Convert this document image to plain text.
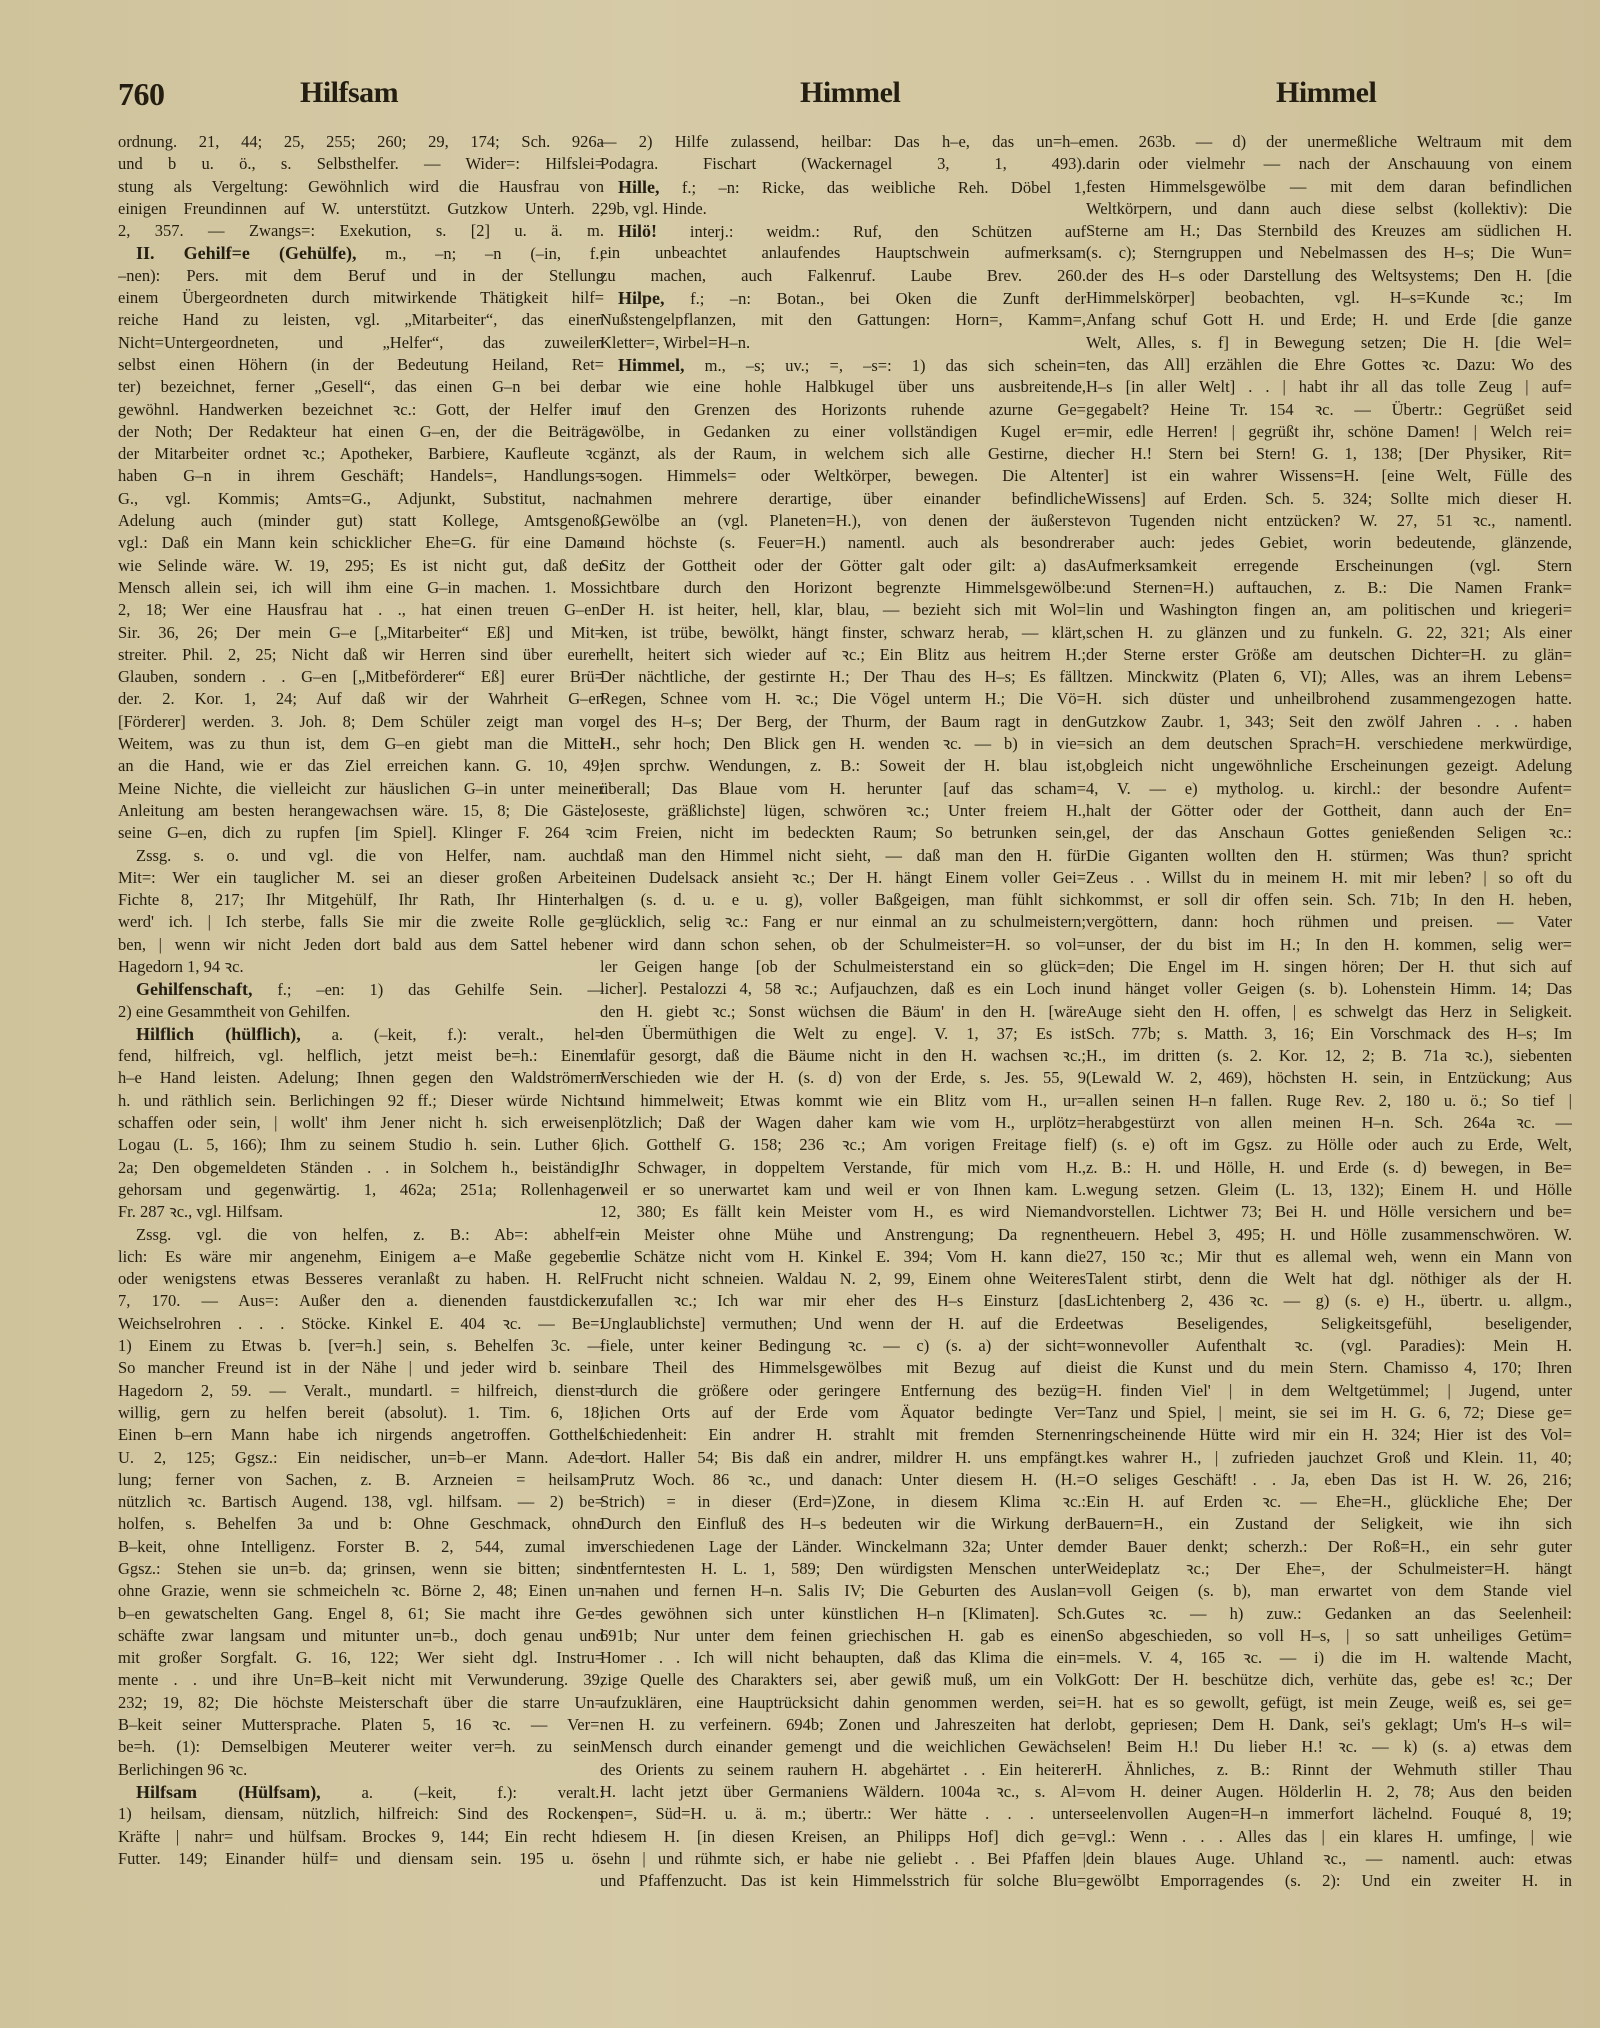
760	Hilfsam	Himmel	Himmel
ordnung. 21, 44; 25, 255; 260; 29, 174; Sch. 926a
und b u. ö., s. Selbsthelfer. — Wider=: Hilfslei=
stung als Vergeltung: Gewöhnlich wird die Hausfrau von
einigen Freundinnen auf W. unterstützt. Gutzkow Unterh. 2,
2, 357. — Zwangs=: Exekution, s. [2] u. ä. m.
II. Gehilf=e (Gehülfe), m., –n; –n (–in, f.;
–nen): Pers. mit dem Beruf und in der Stellung
einem Übergeordneten durch mitwirkende Thätigkeit hilf=
reiche Hand zu leisten, vgl. „Mitarbeiter“, das einen
Nicht=Untergeordneten, und „Helfer“, das zuweilen
selbst einen Höhern (in der Bedeutung Heiland, Ret=
ter) bezeichnet, ferner „Gesell“, das einen G–n bei den
gewöhnl. Handwerken bezeichnet ꝛc.: Gott, der Helfer in
der Noth; Der Redakteur hat einen G–en, der die Beiträge
der Mitarbeiter ordnet ꝛc.; Apotheker, Barbiere, Kaufleute ꝛc.
haben G–n in ihrem Geschäft; Handels=, Handlungs=
G., vgl. Kommis; Amts=G., Adjunkt, Substitut, nach
Adelung auch (minder gut) statt Kollege, Amtsgenoß,
vgl.: Daß ein Mann kein schicklicher Ehe=G. für eine Dame
wie Selinde wäre. W. 19, 295; Es ist nicht gut, daß der
Mensch allein sei, ich will ihm eine G–in machen. 1. Mos.
2, 18; Wer eine Hausfrau hat . ., hat einen treuen G–en.
Sir. 36, 26; Der mein G–e [„Mitarbeiter“ Eß] und Mit=
streiter. Phil. 2, 25; Nicht daß wir Herren sind über euren
Glauben, sondern . . G–en [„Mitbeförderer“ Eß] eurer Brü=
der. 2. Kor. 1, 24; Auf daß wir der Wahrheit G–en
[Förderer] werden. 3. Joh. 8; Dem Schüler zeigt man von
Weitem, was zu thun ist, dem G–en giebt man die Mittel
an die Hand, wie er das Ziel erreichen kann. G. 10, 49;
Meine Nichte, die vielleicht zur häuslichen G–in unter meiner
Anleitung am besten herangewachsen wäre. 15, 8; Die Gäste,
seine G–en, dich zu rupfen [im Spiel]. Klinger F. 264 ꝛc.
Zssg. s. o. und vgl. die von Helfer, nam. auch:
Mit=: Wer ein tauglicher M. sei an dieser großen Arbeit.
Fichte 8, 217; Ihr Mitgehülf, Ihr Rath, Ihr Hinterhalt
werd' ich. | Ich sterbe, falls Sie mir die zweite Rolle ge=
ben, | wenn wir nicht Jeden dort bald aus dem Sattel heben.
Hagedorn 1, 94 ꝛc.
Gehilfenschaft, f.; –en: 1) das Gehilfe Sein. —
2) eine Gesammtheit von Gehilfen.
Hilflich (hülflich), a. (–keit, f.): veralt., hel=
fend, hilfreich, vgl. helflich, jetzt meist be=h.: Einem
h–e Hand leisten. Adelung; Ihnen gegen den Waldströmern
h. und räthlich sein. Berlichingen 92 ff.; Dieser würde Nichts
schaffen oder sein, | wollt' ihm Jener nicht h. sich erweisen.
Logau (L. 5, 166); Ihm zu seinem Studio h. sein. Luther 6,
2a; Den obgemeldeten Ständen . . in Solchem h., beiständig,
gehorsam und gegenwärtig. 1, 462a; 251a; Rollenhagen
Fr. 287 ꝛc., vgl. Hilfsam.
Zssg. vgl. die von helfen, z. B.: Ab=: abhelf=
lich: Es wäre mir angenehm, Einigem a–e Maße gegeben
oder wenigstens etwas Besseres veranlaßt zu haben. H. Rel.
7, 170. — Aus=: Außer den a. dienenden faustdicken
Weichselrohren . . . Stöcke. Kinkel E. 404 ꝛc. — Be=:
1) Einem zu Etwas b. [ver=h.] sein, s. Behelfen 3c. —
So mancher Freund ist in der Nähe | und jeder wird b. sein.
Hagedorn 2, 59. — Veralt., mundartl. = hilfreich, dienst=
willig, gern zu helfen bereit (absolut). 1. Tim. 6, 18;
Einen b–ern Mann habe ich nirgends angetroffen. Gotthelf
U. 2, 125; Ggsz.: Ein neidischer, un=b–er Mann. Ade=
lung; ferner von Sachen, z. B. Arzneien = heilsam,
nützlich ꝛc. Bartisch Augend. 138, vgl. hilfsam. — 2) be=
holfen, s. Behelfen 3a und b: Ohne Geschmack, ohne
B–keit, ohne Intelligenz. Forster B. 2, 544, zumal im
Ggsz.: Stehen sie un=b. da; grinsen, wenn sie bitten; sind
ohne Grazie, wenn sie schmeicheln ꝛc. Börne 2, 48; Einen un=
b–en gewatschelten Gang. Engel 8, 61; Sie macht ihre Ge=
schäfte zwar langsam und mitunter un=b., doch genau und
mit großer Sorgfalt. G. 16, 122; Wer sieht dgl. Instru=
mente . . und ihre Un=B–keit nicht mit Verwunderung. 39,
232; 19, 82; Die höchste Meisterschaft über die starre Un=
B–keit seiner Muttersprache. Platen 5, 16 ꝛc. — Ver=:
be=h. (1): Demselbigen Meuterer weiter ver=h. zu sein.
Berlichingen 96 ꝛc.
Hilfsam (Hülfsam), a. (–keit, f.): veralt.:
1) heilsam, diensam, nützlich, hilfreich: Sind des Rockens
Kräfte | nahr= und hülfsam. Brockes 9, 144; Ein recht h.
Futter. 149; Einander hülf= und diensam sein. 195 u. ö.
— 2) Hilfe zulassend, heilbar: Das h–e, das un=h–e
Podagra. Fischart (Wackernagel 3, 1, 493).
Hille, f.; –n: Ricke, das weibliche Reh. Döbel 1,
29b, vgl. Hinde.
Hilö! interj.: weidm.: Ruf, den Schützen auf
ein unbeachtet anlaufendes Hauptschwein aufmerksam
zu machen, auch Falkenruf. Laube Brev. 260.
Hilpe, f.; –n: Botan., bei Oken die Zunft der
Nußstengelpflanzen, mit den Gattungen: Horn=, Kamm=,
Kletter=, Wirbel=H–n.
Himmel, m., –s; uv.; =, –s=: 1) das sich schein=
bar wie eine hohle Halbkugel über uns ausbreitende,
auf den Grenzen des Horizonts ruhende azurne Ge=
wölbe, in Gedanken zu einer vollständigen Kugel er=
gänzt, als der Raum, in welchem sich alle Gestirne, die
sogen. Himmels= oder Weltkörper, bewegen. Die Alten
nahmen mehrere derartige, über einander befindliche
Gewölbe an (vgl. Planeten=H.), von denen der äußerste
und höchste (s. Feuer=H.) namentl. auch als besondrer
Sitz der Gottheit oder der Götter galt oder gilt: a) das
sichtbare durch den Horizont begrenzte Himmelsgewölbe:
Der H. ist heiter, hell, klar, blau, — bezieht sich mit Wol=
ken, ist trübe, bewölkt, hängt finster, schwarz herab, — klärt,
hellt, heitert sich wieder auf ꝛc.; Ein Blitz aus heitrem H.;
Der nächtliche, der gestirnte H.; Der Thau des H–s; Es fällt
Regen, Schnee vom H. ꝛc.; Die Vögel unterm H.; Die Vö=
gel des H–s; Der Berg, der Thurm, der Baum ragt in den
H., sehr hoch; Den Blick gen H. wenden ꝛc. — b) in vie=
len sprchw. Wendungen, z. B.: Soweit der H. blau ist,
überall; Das Blaue vom H. herunter [auf das scham=
loseste, gräßlichste] lügen, schwören ꝛc.; Unter freiem H.,
im Freien, nicht im bedeckten Raum; So betrunken sein,
daß man den Himmel nicht sieht, — daß man den H. für
einen Dudelsack ansieht ꝛc.; Der H. hängt Einem voller Gei=
gen (s. d. u. e u. g), voller Baßgeigen, man fühlt sich
glücklich, selig ꝛc.: Fang er nur einmal an zu schulmeistern;
er wird dann schon sehen, ob der Schulmeister=H. so vol=
ler Geigen hange [ob der Schulmeisterstand ein so glück=
licher]. Pestalozzi 4, 58 ꝛc.; Aufjauchzen, daß es ein Loch in
den H. giebt ꝛc.; Sonst wüchsen die Bäum' in den H. [wäre
den Übermüthigen die Welt zu enge]. V. 1, 37; Es ist
dafür gesorgt, daß die Bäume nicht in den H. wachsen ꝛc.;
Verschieden wie der H. (s. d) von der Erde, s. Jes. 55, 9
und himmelweit; Etwas kommt wie ein Blitz vom H., ur=
plötzlich; Daß der Wagen daher kam wie vom H., urplötz=
lich. Gotthelf G. 158; 236 ꝛc.; Am vorigen Freitage fiel
Ihr Schwager, in doppeltem Verstande, für mich vom H.,
weil er so unerwartet kam und weil er von Ihnen kam. L.
12, 380; Es fällt kein Meister vom H., es wird Niemand
ein Meister ohne Mühe und Anstrengung; Da regnen
die Schätze nicht vom H. Kinkel E. 394; Vom H. kann die
Frucht nicht schneien. Waldau N. 2, 99, Einem ohne Weiteres
zufallen ꝛc.; Ich war mir eher des H–s Einsturz [das
Unglaublichste] vermuthen; Und wenn der H. auf die Erde
fiele, unter keiner Bedingung ꝛc. — c) (s. a) der sicht=
bare Theil des Himmelsgewölbes mit Bezug auf die
durch die größere oder geringere Entfernung des bezüg=
lichen Orts auf der Erde vom Äquator bedingte Ver=
schiedenheit: Ein andrer H. strahlt mit fremden Sternen
dort. Haller 54; Bis daß ein andrer, mildrer H. uns empfängt.
Prutz Woch. 86 ꝛc., und danach: Unter diesem H. (H.=
Strich) = in dieser (Erd=)Zone, in diesem Klima ꝛc.:
Durch den Einfluß des H–s bedeuten wir die Wirkung der
verschiedenen Lage der Länder. Winckelmann 32a; Unter dem
entferntesten H. L. 1, 589; Den würdigsten Menschen unter
nahen und fernen H–n. Salis IV; Die Geburten des Auslan=
des gewöhnen sich unter künstlichen H–n [Klimaten]. Sch.
691b; Nur unter dem feinen griechischen H. gab es einen
Homer . . Ich will nicht behaupten, daß das Klima die ein=
zige Quelle des Charakters sei, aber gewiß muß, um ein Volk
aufzuklären, eine Hauptrücksicht dahin genommen werden, sei=
nen H. zu verfeinern. 694b; Zonen und Jahreszeiten hat der
Mensch durch einander gemengt und die weichlichen Gewächse
des Orients zu seinem rauhern H. abgehärtet . . Ein heiterer
H. lacht jetzt über Germaniens Wäldern. 1004a ꝛc., s. Al=
pen=, Süd=H. u. ä. m.; übertr.: Wer hätte . . . unter
diesem H. [in diesen Kreisen, an Philipps Hof] dich ge=
sehn | und rühmte sich, er habe nie geliebt . . Bei Pfaffen |
und Pfaffenzucht. Das ist kein Himmelsstrich für solche Blu=
men. 263b. — d) der unermeßliche Weltraum mit dem
darin oder vielmehr — nach der Anschauung von einem
festen Himmelsgewölbe — mit dem daran befindlichen
Weltkörpern, und dann auch diese selbst (kollektiv): Die
Sterne am H.; Das Sternbild des Kreuzes am südlichen H.
(s. c); Sterngruppen und Nebelmassen des H–s; Die Wun=
der des H–s oder Darstellung des Weltsystems; Den H. [die
Himmelskörper] beobachten, vgl. H–s=Kunde ꝛc.; Im
Anfang schuf Gott H. und Erde; H. und Erde [die ganze
Welt, Alles, s. f] in Bewegung setzen; Die H. [die Wel=
ten, das All] erzählen die Ehre Gottes ꝛc. Dazu: Wo des
H–s [in aller Welt] . . | habt ihr all das tolle Zeug | auf=
gegabelt? Heine Tr. 154 ꝛc. — Übertr.: Gegrüßet seid
mir, edle Herren! | gegrüßt ihr, schöne Damen! | Welch rei=
cher H.! Stern bei Stern! G. 1, 138; [Der Physiker, Rit=
ter] ist ein wahrer Wissens=H. [eine Welt, Fülle des
Wissens] auf Erden. Sch. 5. 324; Sollte mich dieser H.
von Tugenden nicht entzücken? W. 27, 51 ꝛc., namentl.
aber auch: jedes Gebiet, worin bedeutende, glänzende,
Aufmerksamkeit erregende Erscheinungen (vgl. Stern
und Sternen=H.) auftauchen, z. B.: Die Namen Frank=
lin und Washington fingen an, am politischen und kriegeri=
schen H. zu glänzen und zu funkeln. G. 22, 321; Als einer
der Sterne erster Größe am deutschen Dichter=H. zu glän=
zen. Minckwitz (Platen 6, VI); Alles, was an ihrem Lebens=
H. sich düster und unheilbrohend zusammengezogen hatte.
Gutzkow Zaubr. 1, 343; Seit den zwölf Jahren . . . haben
sich an dem deutschen Sprach=H. verschiedene merkwürdige,
obgleich nicht ungewöhnliche Erscheinungen gezeigt. Adelung
4, V. — e) mytholog. u. kirchl.: der besondre Aufent=
halt der Götter oder der Gottheit, dann auch der En=
gel, der das Anschaun Gottes genießenden Seligen ꝛc.:
Die Giganten wollten den H. stürmen; Was thun? spricht
Zeus . . Willst du in meinem H. mit mir leben? | so oft du
kommst, er soll dir offen sein. Sch. 71b; In den H. heben,
vergöttern, dann: hoch rühmen und preisen. — Vater
unser, der du bist im H.; In den H. kommen, selig wer=
den; Die Engel im H. singen hören; Der H. thut sich auf
und hänget voller Geigen (s. b). Lohenstein Himm. 14; Das
Auge sieht den H. offen, | es schwelgt das Herz in Seligkeit.
Sch. 77b; s. Matth. 3, 16; Ein Vorschmack des H–s; Im
H., im dritten (s. 2. Kor. 12, 2; B. 71a ꝛc.), siebenten
(Lewald W. 2, 469), höchsten H. sein, in Entzückung; Aus
allen seinen H–n fallen. Ruge Rev. 2, 180 u. ö.; So tief |
herabgestürzt von allen meinen H–n. Sch. 264a ꝛc. —
f) (s. e) oft im Ggsz. zu Hölle oder auch zu Erde, Welt,
z. B.: H. und Hölle, H. und Erde (s. d) bewegen, in Be=
wegung setzen. Gleim (L. 13, 132); Einem H. und Hölle
vorstellen. Lichtwer 73; Bei H. und Hölle versichern und be=
theuern. Hebel 3, 495; H. und Hölle zusammenschwören. W.
27, 150 ꝛc.; Mir thut es allemal weh, wenn ein Mann von
Talent stirbt, denn die Welt hat dgl. nöthiger als der H.
Lichtenberg 2, 436 ꝛc. — g) (s. e) H., übertr. u. allgm.,
etwas Beseligendes, Seligkeitsgefühl, beseligender,
wonnevoller Aufenthalt ꝛc. (vgl. Paradies): Mein H.
ist die Kunst und du mein Stern. Chamisso 4, 170; Ihren
H. finden Viel' | in dem Weltgetümmel; | Jugend, unter
Tanz und Spiel, | meint, sie sei im H. G. 6, 72; Diese ge=
ringscheinende Hütte wird mir ein H. 324; Hier ist des Vol=
kes wahrer H., | zufrieden jauchzet Groß und Klein. 11, 40;
O seliges Geschäft! . . Ja, eben Das ist H. W. 26, 216;
Ein H. auf Erden ꝛc. — Ehe=H., glückliche Ehe; Der
Bauern=H., ein Zustand der Seligkeit, wie ihn sich
der Bauer denkt; scherzh.: Der Roß=H., ein sehr guter
Weideplatz ꝛc.; Der Ehe=, der Schulmeister=H. hängt
voll Geigen (s. b), man erwartet von dem Stande viel
Gutes ꝛc. — h) zuw.: Gedanken an das Seelenheil:
So abgeschieden, so voll H–s, | so satt unheiliges Getüm=
mels. V. 4, 165 ꝛc. — i) die im H. waltende Macht,
Gott: Der H. beschütze dich, verhüte das, gebe es! ꝛc.; Der
H. hat es so gewollt, gefügt, ist mein Zeuge, weiß es, sei ge=
lobt, gepriesen; Dem H. Dank, sei's geklagt; Um's H–s wil=
len! Beim H.! Du lieber H.! ꝛc. — k) (s. a) etwas dem
H. Ähnliches, z. B.: Rinnt der Wehmuth stiller Thau
vom H. deiner Augen. Hölderlin H. 2, 78; Aus den beiden
seelenvollen Augen=H–n immerfort lächelnd. Fouqué 8, 19;
vgl.: Wenn . . . Alles das | ein klares H. umfinge, | wie
dein blaues Auge. Uhland ꝛc., — namentl. auch: etwas
gewölbt Emporragendes (s. 2): Und ein zweiter H. in
